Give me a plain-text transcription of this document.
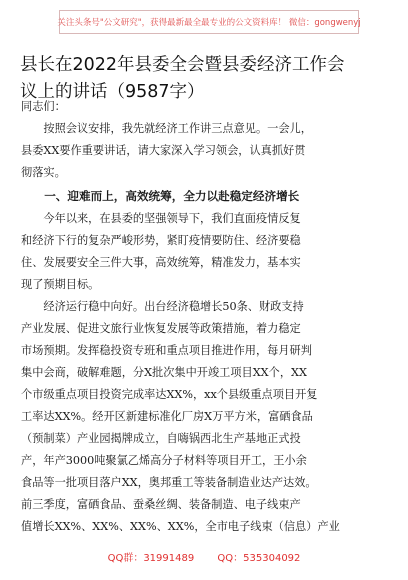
关注头条号"公文研究"，获得最新最全最专业的公文资料库！ 微信：gongwenyj
县长在2022年县委全会暨县委经济工作会
议上的讲话（9587字）
同志们：
　　按照会议安排，我先就经济工作讲三点意见。一会儿，
县委XX要作重要讲话，请大家深入学习领会，认真抓好贯
彻落实。
　　一、迎难而上，高效统筹，全力以赴稳定经济增长
　　今年以来，在县委的坚强领导下，我们直面疫情反复
和经济下行的复杂严峻形势，紧盯疫情要防住、经济要稳
住、发展要安全三件大事，高效统筹，精准发力，基本实
现了预期目标。
　　经济运行稳中向好。出台经济稳增长50条、财政支持
产业发展、促进文旅行业恢复发展等政策措施，着力稳定
市场预期。发挥稳投资专班和重点项目推进作用，每月研判
集中会商，破解难题，分X批次集中开竣工项目XX个，XX
个市级重点项目投资完成率达XX%，xx个县级重点项目开复
工率达XX%。经开区新建标准化厂房X万平方米，富硒食品
（预制菜）产业园揭牌成立，自嗨锅西北生产基地正式投
产，年产3000吨聚氯乙烯高分子材料等项目开工，王小余
食品等一批项目落户XX，奥邦重工等装备制造业达产达效。
前三季度，富硒食品、蚕桑丝绸、装备制造、电子线束产
值增长XX%、XX%、XX%、XX%，全市电子线束（信息）产业
QQ群：31991489 QQ：535304092
